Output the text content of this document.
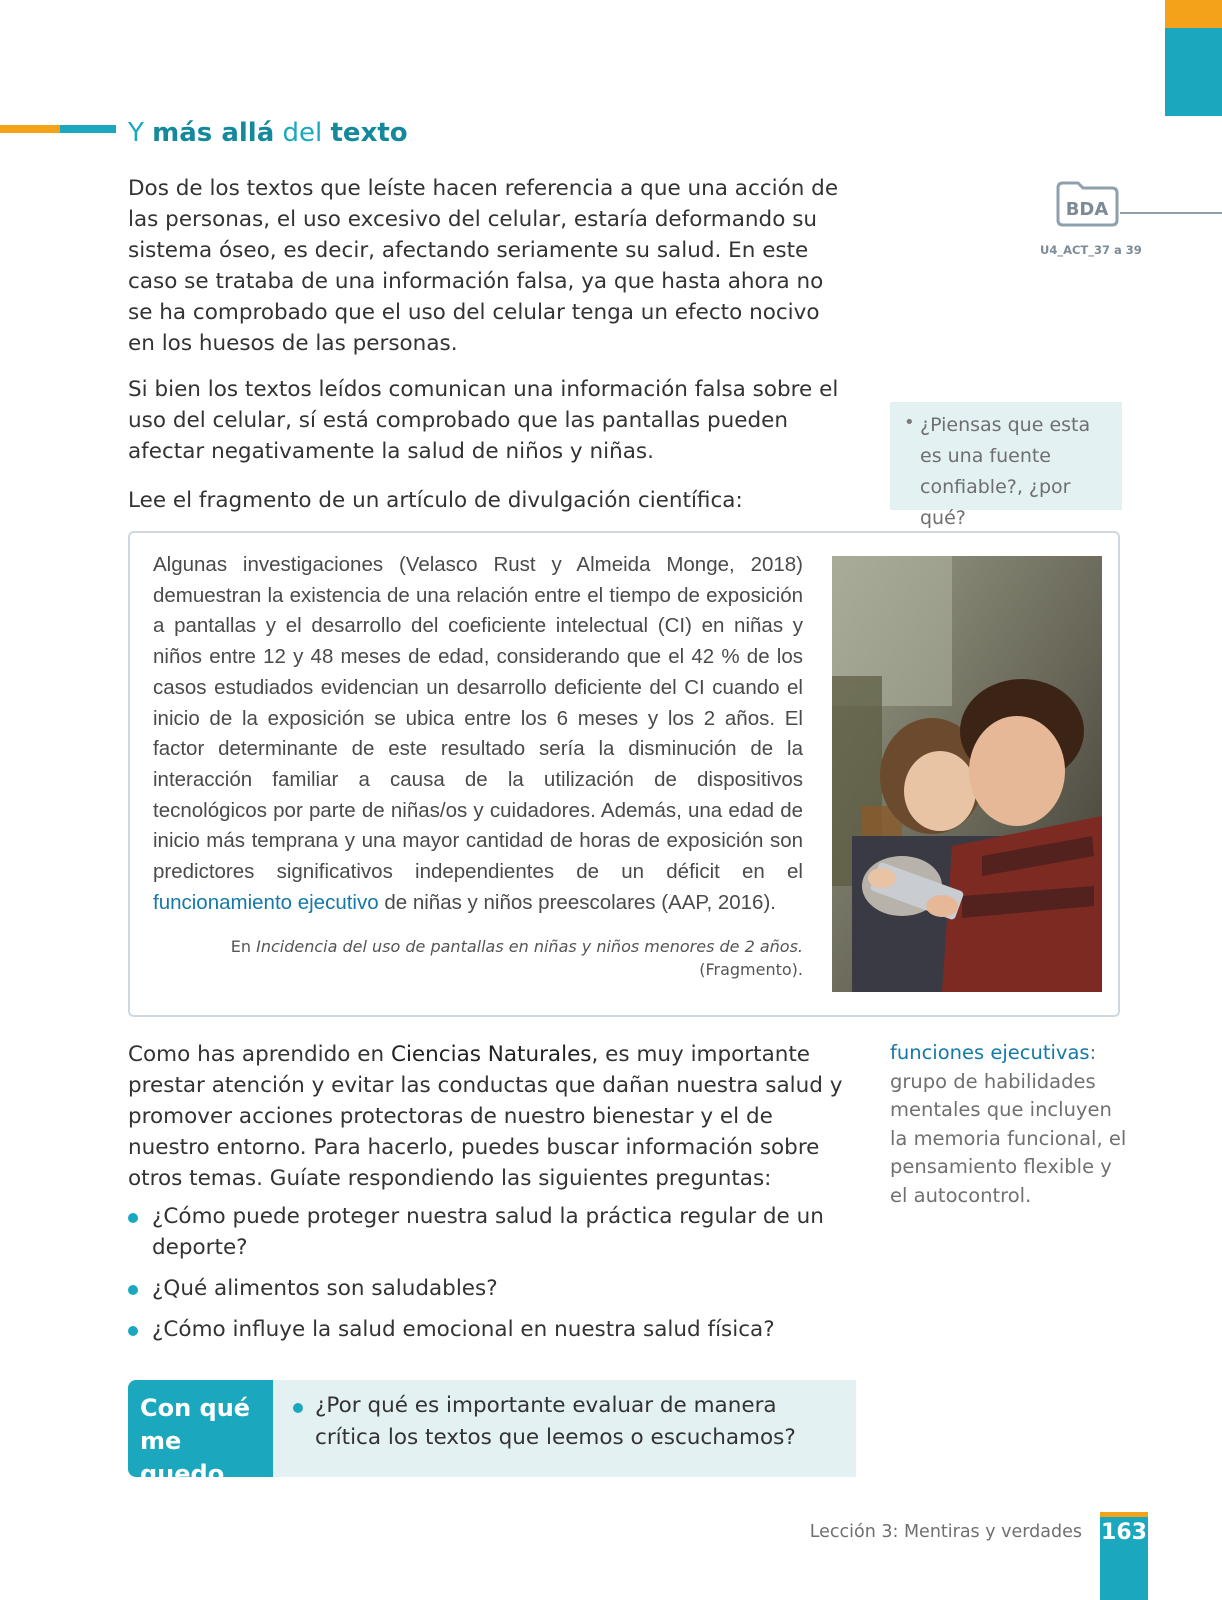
Y más allá del texto
Dos de los textos que leíste hacen referencia a que una acción de las personas, el uso excesivo del celular, estaría deformando su sistema óseo, es decir, afectando seriamente su salud. En este caso se trataba de una información falsa, ya que hasta ahora no se ha comprobado que el uso del celular tenga un efecto nocivo en los huesos de las personas.
Si bien los textos leídos comunican una información falsa sobre el uso del celular, sí está comprobado que las pantallas pueden afectar negativamente la salud de niños y niñas.
Lee el fragmento de un artículo de divulgación científica:
BDA
U4_ACT_37 a 39
• ¿Piensas que esta es una fuente confiable?, ¿por qué?
Algunas investigaciones (Velasco Rust y Almeida Monge, 2018) demuestran la existencia de una relación entre el tiempo de exposición a pantallas y el desarrollo del coeficiente intelectual (CI) en niñas y niños entre 12 y 48 meses de edad, considerando que el 42 % de los casos estudiados evidencian un desarrollo deficiente del CI cuando el inicio de la exposición se ubica entre los 6 meses y los 2 años. El factor determinante de este resultado sería la disminución de la interacción familiar a causa de la utilización de dispositivos tecnológicos por parte de niñas/os y cuidadores. Además, una edad de inicio más temprana y una mayor cantidad de horas de exposición son predictores significativos independientes de un déficit en el funcionamiento ejecutivo de niñas y niños preescolares (AAP, 2016).
En Incidencia del uso de pantallas en niñas y niños menores de 2 años.
(Fragmento).
Como has aprendido en Ciencias Naturales, es muy importante prestar atención y evitar las conductas que dañan nuestra salud y promover acciones protectoras de nuestro bienestar y el de nuestro entorno. Para hacerlo, puedes buscar información sobre otros temas. Guíate respondiendo las siguientes preguntas:
¿Cómo puede proteger nuestra salud la práctica regular de un deporte?
¿Qué alimentos son saludables?
¿Cómo influye la salud emocional en nuestra salud física?
funciones ejecutivas:
grupo de habilidades mentales que incluyen la memoria funcional, el pensamiento flexible y el autocontrol.
Con qué me quedo
¿Por qué es importante evaluar de manera crítica los textos que leemos o escuchamos?
Lección 3: Mentiras y verdades 163
